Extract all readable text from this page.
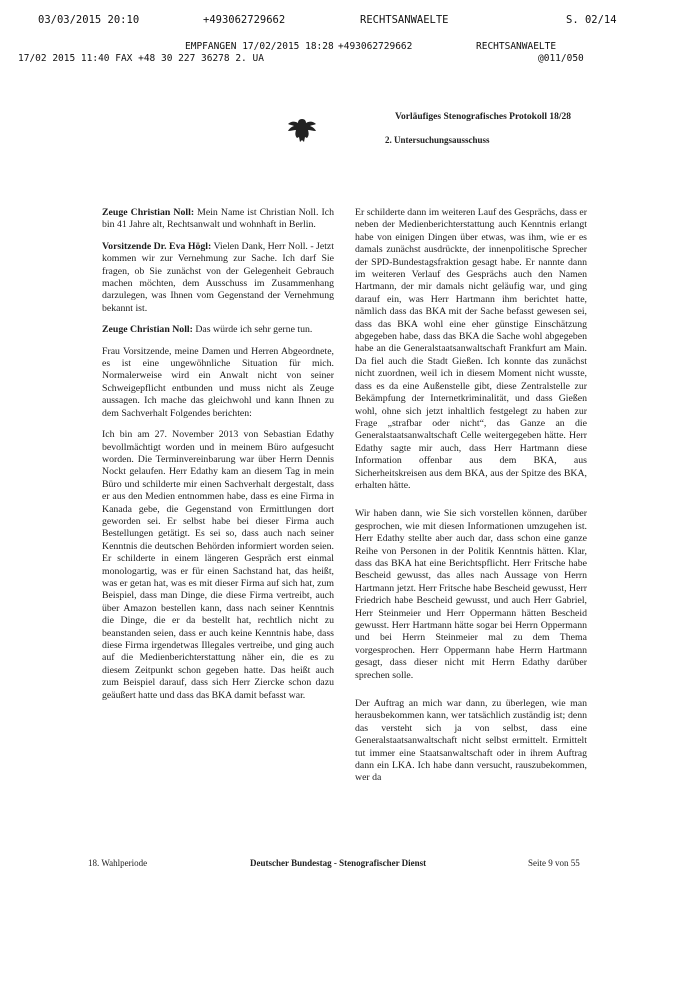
03/03/2015 20:10	+493062729662	RECHTSANWAELTE	S. 02/14
EMPFANGEN 17/02/2015 18:28 +493062729662	RECHTSANWAELTE
17/02 2015 11:40 FAX +48 30 227 36278 2. UA	@011/050
Vorläufiges Stenografisches Protokoll 18/28
2. Untersuchungsausschuss

Zeuge Christian Noll: Mein Name ist Christian Noll. Ich bin 41 Jahre alt, Rechtsanwalt und wohnhaft in Berlin.

Vorsitzende Dr. Eva Högl: Vielen Dank, Herr Noll. - Jetzt kommen wir zur Vernehmung zur Sache. Ich darf Sie fragen, ob Sie zunächst von der Gelegenheit Gebrauch machen möchten, dem Ausschuss im Zusammenhang darzulegen, was Ihnen vom Gegenstand der Vernehmung bekannt ist.

Zeuge Christian Noll: Das würde ich sehr gerne tun.

Frau Vorsitzende, meine Damen und Herren Abgeordnete, es ist eine ungewöhnliche Situation für mich. Normalerweise wird ein Anwalt nicht von seiner Schweigepflicht entbunden und muss nicht als Zeuge aussagen. Ich mache das gleichwohl und kann Ihnen zu dem Sachverhalt Folgendes berichten:

Ich bin am 27. November 2013 von Sebastian Edathy bevollmächtigt worden und in meinem Büro aufgesucht worden. Die Terminvereinbarung war über Herrn Dennis Nockt gelaufen. Herr Edathy kam an diesem Tag in mein Büro und schilderte mir einen Sachverhalt dergestalt, dass er aus den Medien entnommen habe, dass es eine Firma in Kanada gebe, die Gegenstand von Ermittlungen dort geworden sei. Er selbst habe bei dieser Firma auch Bestellungen getätigt. Es sei so, dass auch nach seiner Kenntnis die deutschen Behörden informiert worden seien. Er schilderte in einem längeren Gespräch erst einmal monologartig, was er für einen Sachstand hat, das heißt, was er getan hat, was es mit dieser Firma auf sich hat, zum Beispiel, dass man Dinge, die diese Firma vertreibt, auch über Amazon bestellen kann, dass nach seiner Kenntnis die Dinge, die er da bestellt hat, rechtlich nicht zu beanstanden seien, dass er auch keine Kenntnis habe, dass diese Firma irgendetwas Illegales vertreibe, und ging auch auf die Medienberichterstattung näher ein, die es zu diesem Zeitpunkt schon gegeben hatte. Das heißt auch zum Beispiel darauf, dass sich Herr Ziercke schon dazu geäußert hatte und dass das BKA damit befasst war.

Er schilderte dann im weiteren Lauf des Gesprächs, dass er neben der Medienberichterstattung auch Kenntnis erlangt habe von einigen Dingen über etwas, was ihm, wie er es damals zunächst ausdrückte, der innenpolitische Sprecher der SPD-Bundestagsfraktion gesagt habe. Er nannte dann im weiteren Verlauf des Gesprächs auch den Namen Hartmann, der mir damals nicht geläufig war, und ging darauf ein, was Herr Hartmann ihm berichtet hatte, nämlich dass das BKA mit der Sache befasst gewesen sei, dass das BKA wohl eine eher günstige Einschätzung abgegeben habe, dass das BKA die Sache wohl abgegeben habe an die Generalstaatsanwaltschaft Frankfurt am Main. Da fiel auch die Stadt Gießen. Ich konnte das zunächst nicht zuordnen, weil ich in diesem Moment nicht wusste, dass es da eine Außenstelle gibt, diese Zentralstelle zur Bekämpfung der Internetkriminalität, und dass Gießen wohl, ohne sich jetzt inhaltlich festgelegt zu haben zur Frage „strafbar oder nicht“, das Ganze an die Generalstaatsanwaltschaft Celle weitergegeben hätte. Herr Edathy sagte mir auch, dass Herr Hartmann diese Information offenbar aus dem BKA, aus Sicherheitskreisen aus dem BKA, aus der Spitze des BKA, erhalten hätte.

Wir haben dann, wie Sie sich vorstellen können, darüber gesprochen, wie mit diesen Informationen umzugehen ist. Herr Edathy stellte aber auch dar, dass schon eine ganze Reihe von Personen in der Politik Kenntnis hätten. Klar, dass das BKA hat eine Berichtspflicht. Herr Fritsche habe Bescheid gewusst, das alles nach Aussage von Herrn Hartmann jetzt. Herr Fritsche habe Bescheid gewusst, Herr Friedrich habe Bescheid gewusst, und auch Herr Gabriel, Herr Steinmeier und Herr Oppermann hätten Bescheid gewusst. Herr Hartmann hätte sogar bei Herrn Oppermann und bei Herrn Steinmeier mal zu dem Thema vorgesprochen. Herr Oppermann habe Herrn Hartmann gesagt, dass dieser nicht mit Herrn Edathy darüber sprechen solle.

Der Auftrag an mich war dann, zu überlegen, wie man herausbekommen kann, wer tatsächlich zuständig ist; denn das versteht sich ja von selbst, dass eine Generalstaatsanwaltschaft nicht selbst ermittelt. Ermittelt tut immer eine Staatsanwaltschaft oder in ihrem Auftrag dann ein LKA. Ich habe dann versucht, rauszubekommen, wer da

18. Wahlperiode	Deutscher Bundestag - Stenografischer Dienst	Seite 9 von 55
